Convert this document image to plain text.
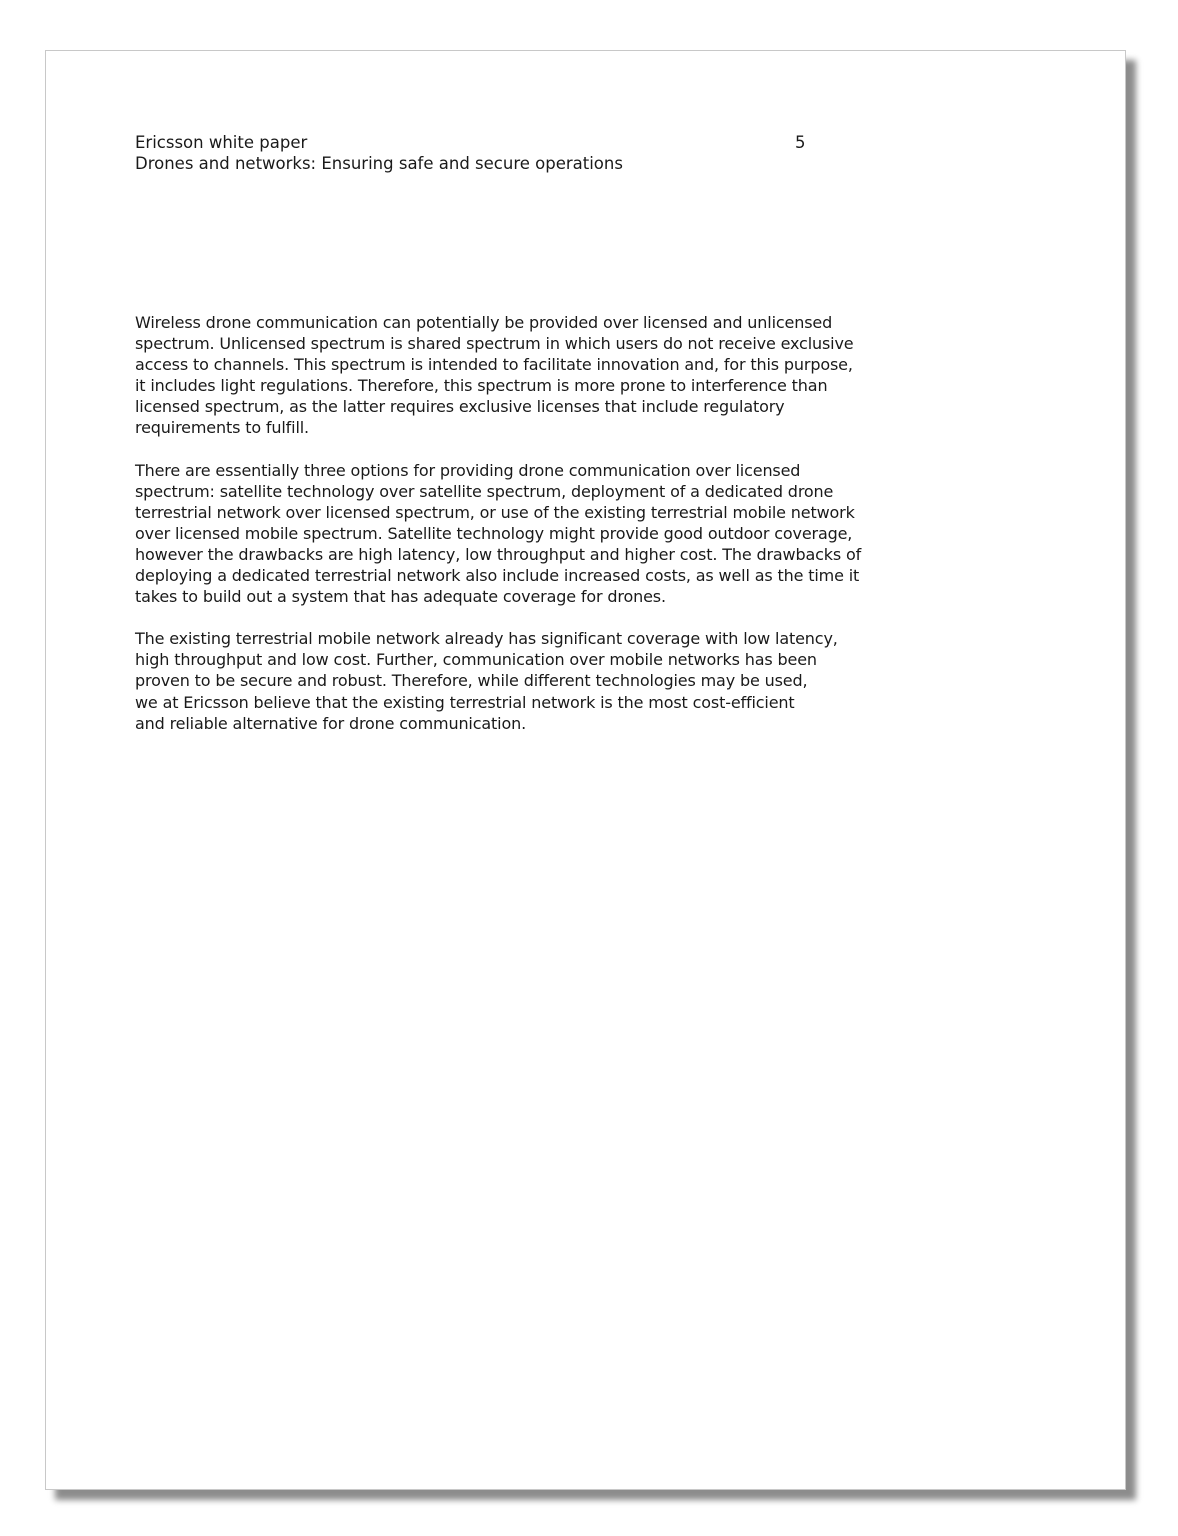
Ericsson white paper
Drones and networks: Ensuring safe and secure operations
5

Wireless drone communication can potentially be provided over licensed and unlicensed
spectrum. Unlicensed spectrum is shared spectrum in which users do not receive exclusive
access to channels. This spectrum is intended to facilitate innovation and, for this purpose,
it includes light regulations. Therefore, this spectrum is more prone to interference than
licensed spectrum, as the latter requires exclusive licenses that include regulatory
requirements to fulfill.

There are essentially three options for providing drone communication over licensed
spectrum: satellite technology over satellite spectrum, deployment of a dedicated drone
terrestrial network over licensed spectrum, or use of the existing terrestrial mobile network
over licensed mobile spectrum. Satellite technology might provide good outdoor coverage,
however the drawbacks are high latency, low throughput and higher cost. The drawbacks of
deploying a dedicated terrestrial network also include increased costs, as well as the time it
takes to build out a system that has adequate coverage for drones.

The existing terrestrial mobile network already has significant coverage with low latency,
high throughput and low cost. Further, communication over mobile networks has been
proven to be secure and robust. Therefore, while different technologies may be used,
we at Ericsson believe that the existing terrestrial network is the most cost-efficient
and reliable alternative for drone communication.
